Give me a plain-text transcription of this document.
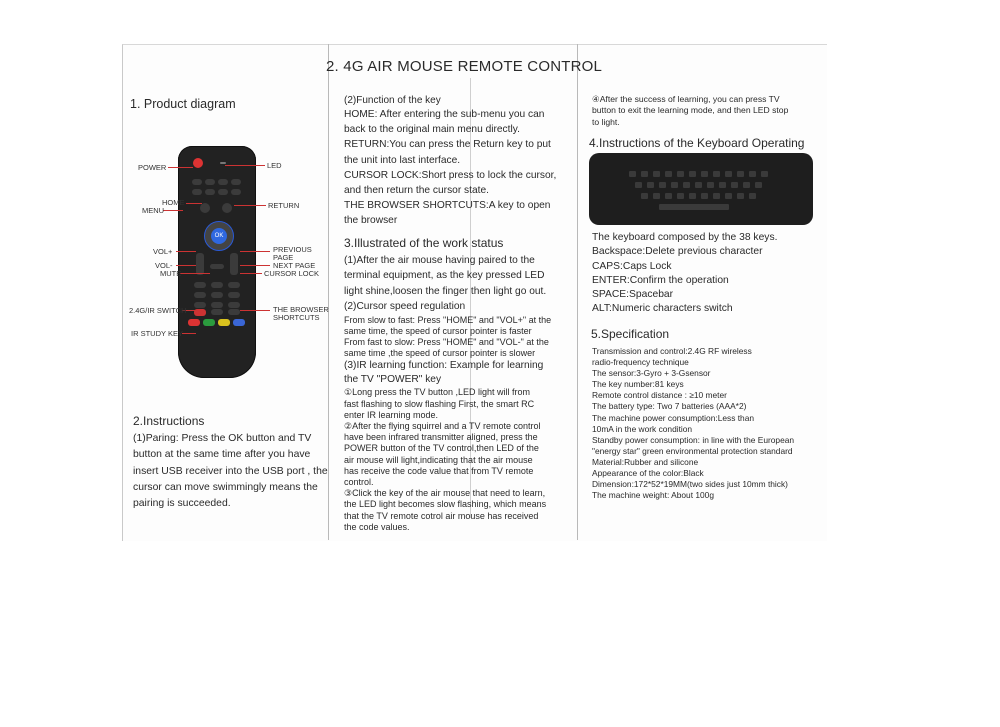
2. 4G AIR MOUSE REMOTE CONTROL
1. Product diagram
OK
POWER	LED
HOME
MENU
RETURN
VOL+
VOL-
MUTE
PREVIOUS
PAGE
NEXT PAGE
CURSOR LOCK
2.4G/IR SWITCH	THE BROWSER
SHORTCUTS
IR STUDY KEY
2.Instructions

(1)Paring: Press the OK button and TV button at the same time after you have insert USB receiver into the USB port , the cursor can move swimmingly means the pairing is succeeded.

(2)Function of the key

HOME: After entering the sub-menu you can

back to the original main menu directly.

RETURN:You can press the Return key to put

the unit into last interface.

CURSOR LOCK:Short press to lock the cursor,

and then return the cursor state.

THE BROWSER SHORTCUTS:A key to open

the browser

3.Illustrated of the work status

(1)After the air mouse having paired to the

terminal equipment, as the key pressed LED

light shine,loosen the finger then light go out.

(2)Cursor speed regulation

From slow to fast: Press "HOME" and "VOL+" at the

same time, the speed of cursor pointer is faster

From fast to slow: Press "HOME" and "VOL-" at the

same time ,the speed of cursor pointer is slower

(3)IR learning function: Example for learning

the TV "POWER" key

①Long press the TV button ,LED light will from

fast flashing to slow flashing First, the smart RC

enter IR learning mode.

②After the flying squirrel and a TV remote control

have been infrared transmitter aligned, press the

POWER button of the TV control,then LED of the

air mouse will light,indicating that the air mouse

has receive the code value that from TV remote

control.

③Click the key of the air mouse that need to learn,

the LED light becomes slow flashing, which means

that the TV remote cotrol air mouse has received

the code values.

④After the success of learning, you can press TV

button to exit the learning mode, and then LED stop

to light.

4.Instructions of the Keyboard Operating

The keyboard composed by the 38 keys.

Backspace:Delete previous character

CAPS:Caps Lock

ENTER:Confirm the operation

SPACE:Spacebar

ALT:Numeric characters switch

5.Specification

Transmission and control:2.4G RF wireless

radio-frequency technique

The sensor:3-Gyro + 3-Gsensor

The key number:81 keys

Remote control distance : ≥10 meter

The battery type: Two 7 batteries (AAA*2)

The machine power consumption:Less than

10mA in the work condition

Standby power consumption: in line with the European

"energy star" green environmental protection standard

Material:Rubber and silicone

Appearance of the color:Black

Dimension:172*52*19MM(two sides just 10mm thick)

The machine weight: About 100g
